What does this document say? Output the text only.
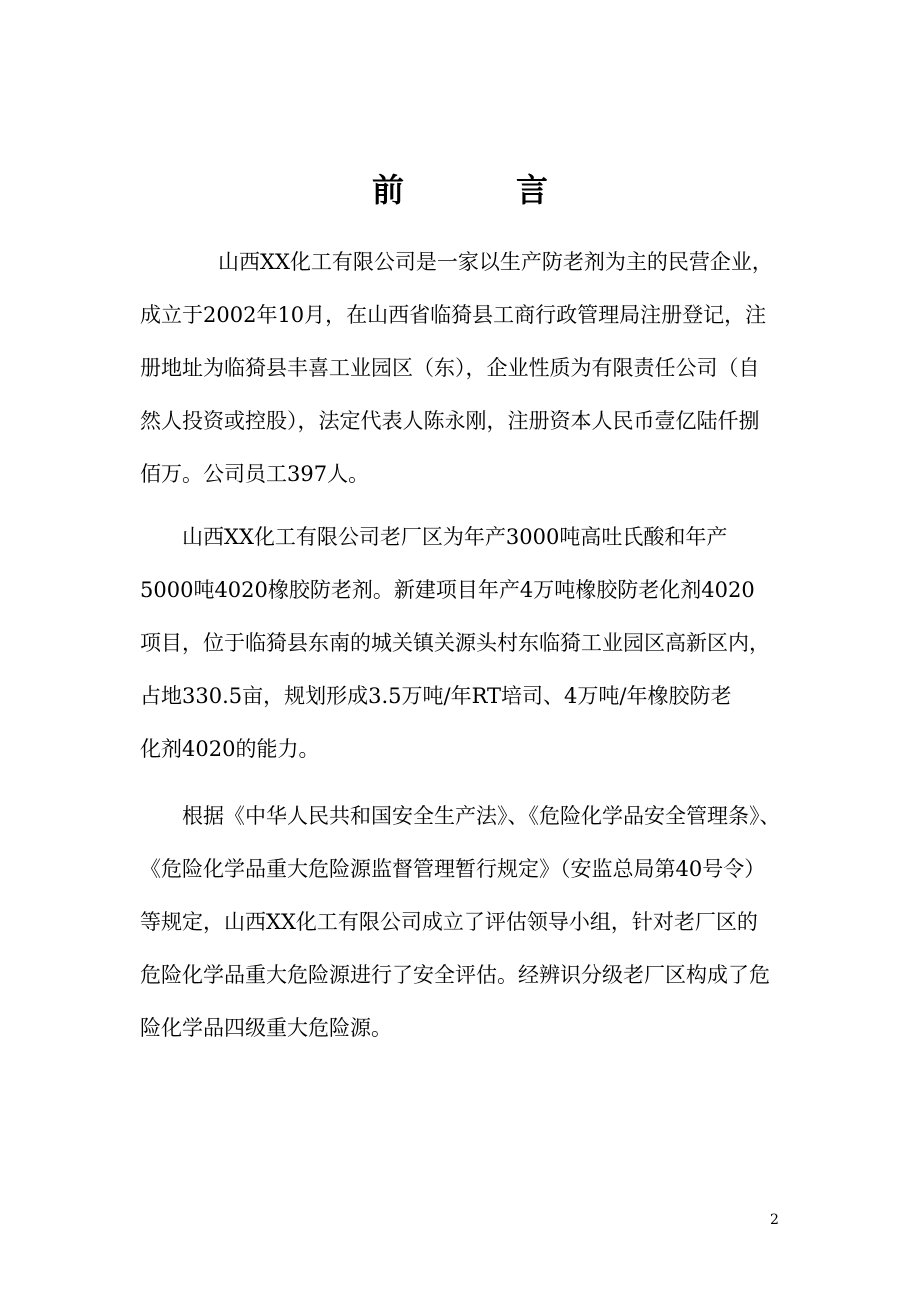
前言
山西XX化工有限公司是一家以生产防老剂为主的民营企业，
成立于2002年10月，在山西省临猗县工商行政管理局注册登记，注
册地址为临猗县丰喜工业园区（东），企业性质为有限责任公司（自
然人投资或控股），法定代表人陈永刚，注册资本人民币壹亿陆仟捌
佰万。公司员工397人。
山西XX化工有限公司老厂区为年产3000吨高吐氏酸和年产
5000吨4020橡胶防老剂。新建项目年产4万吨橡胶防老化剂4020
项目，位于临猗县东南的城关镇关源头村东临猗工业园区高新区内，
占地330.5亩，规划形成3.5万吨/年RT培司、4万吨/年橡胶防老
化剂4020的能力。
根据《中华人民共和国安全生产法》、《危险化学品安全管理条》、
《危险化学品重大危险源监督管理暂行规定》（安监总局第40号令）
等规定，山西XX化工有限公司成立了评估领导小组，针对老厂区的
危险化学品重大危险源进行了安全评估。经辨识分级老厂区构成了危
险化学品四级重大危险源。
2
